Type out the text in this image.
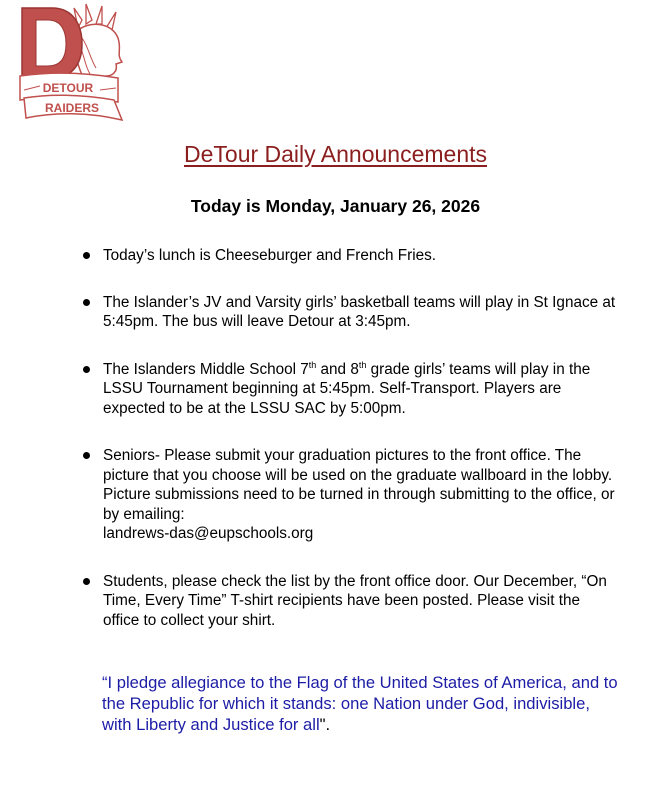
DETOUR
RAIDERS
DeTour Daily Announcements
Today is Monday, January 26, 2026
Today’s lunch is Cheeseburger and French Fries.
The Islander’s JV and Varsity girls’ basketball teams will play in St Ignace at 5:45pm. The bus will leave Detour at 3:45pm.
The Islanders Middle School 7th and 8th grade girls’ teams will play in the LSSU Tournament beginning at 5:45pm. Self-Transport. Players are expected to be at the LSSU SAC by 5:00pm.
Seniors- Please submit your graduation pictures to the front office. The picture that you choose will be used on the graduate wallboard in the lobby. Picture submissions need to be turned in through submitting to the office, or by emailing:
landrews-das@eupschools.org
Students, please check the list by the front office door. Our December, “On Time, Every Time” T-shirt recipients have been posted. Please visit the office to collect your shirt.
“I pledge allegiance to the Flag of the United States of America, and to the Republic for which it stands: one Nation under God, indivisible, with Liberty and Justice for all".
